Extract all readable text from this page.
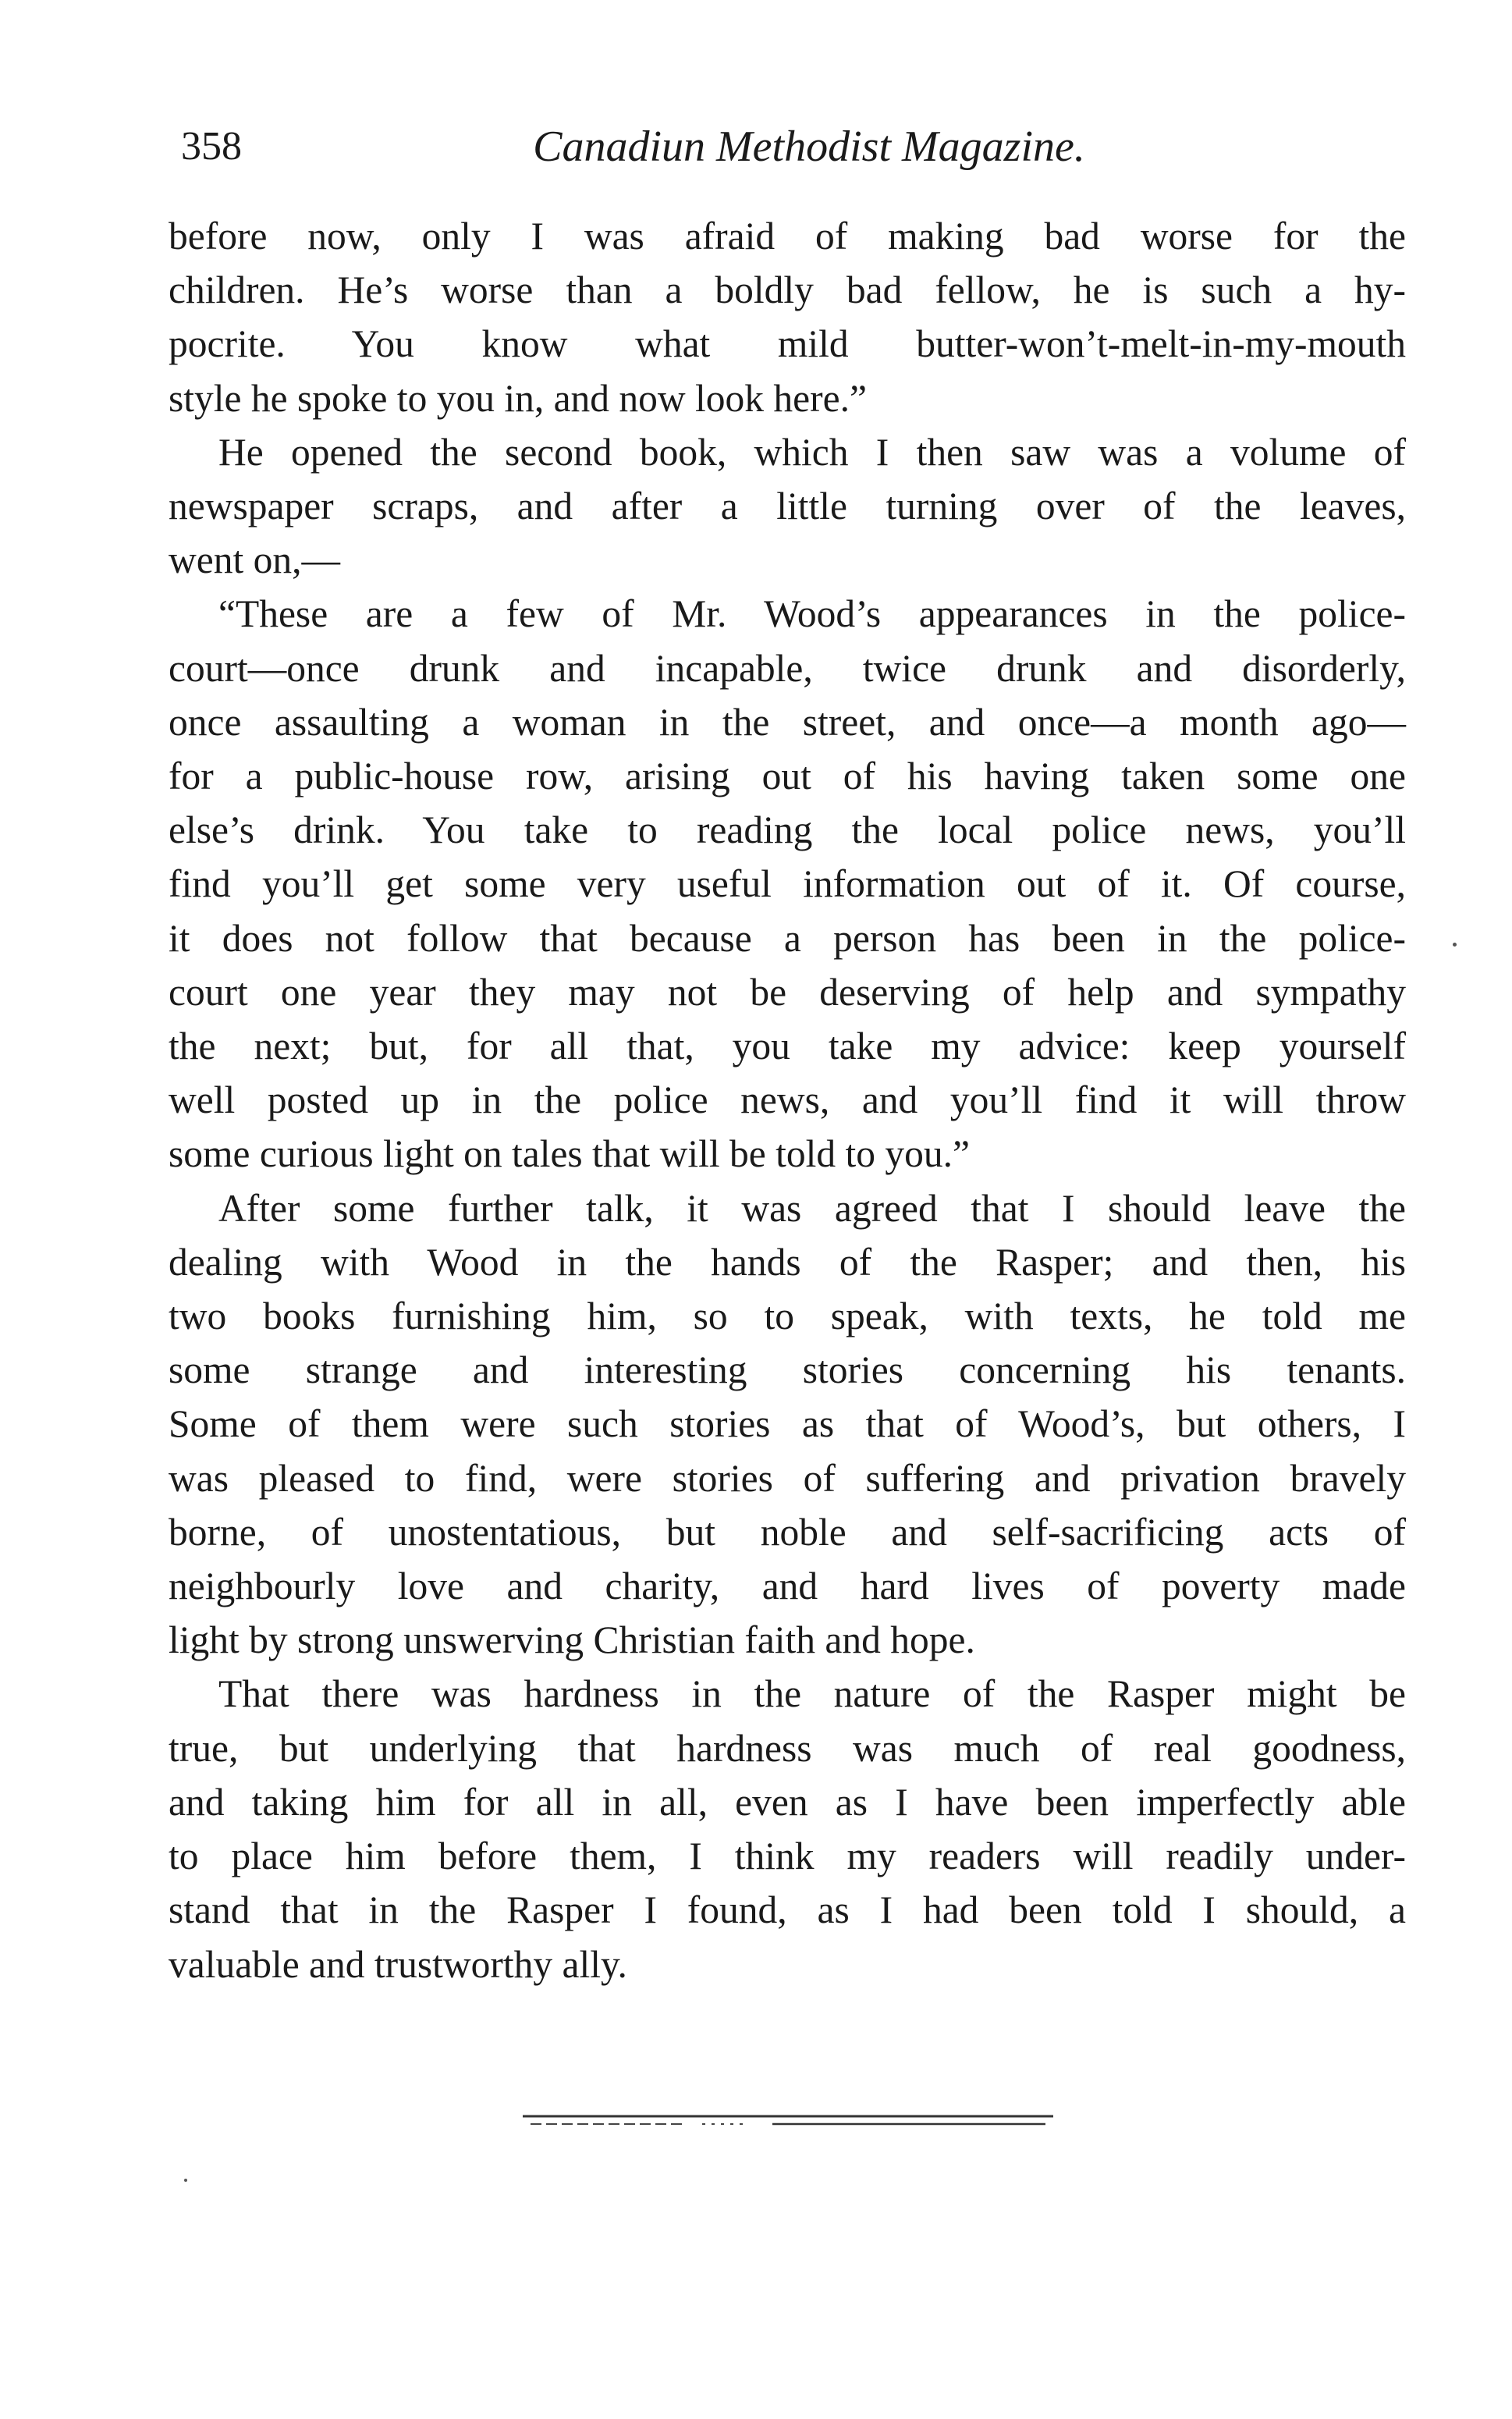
358	Canadiun Methodist Magazine.

before now, only I was afraid of making bad worse for the

children. He’s worse than a boldly bad fellow, he is such a hy-

pocrite. You know what mild butter-won’t-melt-in-my-mouth

style he spoke to you in, and now look here.”

He opened the second book, which I then saw was a volume of

newspaper scraps, and after a little turning over of the leaves,

went on,—

“These are a few of Mr. Wood’s appearances in the police-

court—once drunk and incapable, twice drunk and disorderly,

once assaulting a woman in the street, and once—a month ago—

for a public-house row, arising out of his having taken some one

else’s drink. You take to reading the local police news, you’ll

find you’ll get some very useful information out of it. Of course,

it does not follow that because a person has been in the police-

court one year they may not be deserving of help and sympathy

the next; but, for all that, you take my advice: keep yourself

well posted up in the police news, and you’ll find it will throw

some curious light on tales that will be told to you.”

After some further talk, it was agreed that I should leave the

dealing with Wood in the hands of the Rasper; and then, his

two books furnishing him, so to speak, with texts, he told me

some strange and interesting stories concerning his tenants.

Some of them were such stories as that of Wood’s, but others, I

was pleased to find, were stories of suffering and privation bravely

borne, of unostentatious, but noble and self-sacrificing acts of

neighbourly love and charity, and hard lives of poverty made

light by strong unswerving Christian faith and hope.

That there was hardness in the nature of the Rasper might be

true, but underlying that hardness was much of real goodness,

and taking him for all in all, even as I have been imperfectly able

to place him before them, I think my readers will readily under-

stand that in the Rasper I found, as I had been told I should, a

valuable and trustworthy ally.
